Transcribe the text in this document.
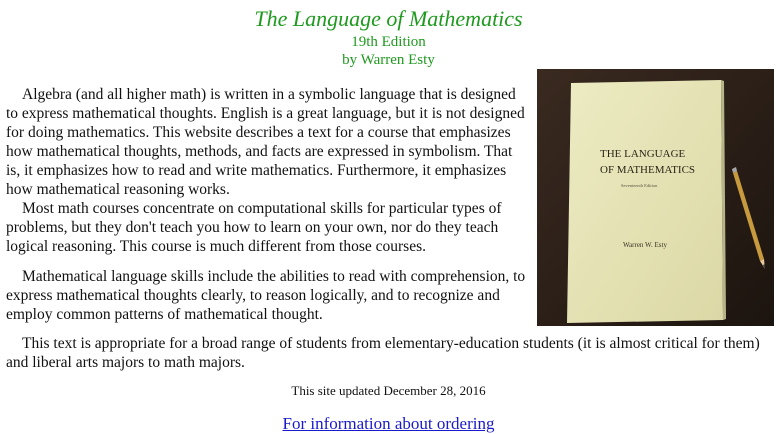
The Language of Mathematics
19th Edition
by Warren Esty
Algebra (and all higher math) is written in a symbolic language that is designed to express mathematical thoughts. English is a great language, but it is not designed for doing mathematics. This website describes a text for a course that emphasizes how mathematical thoughts, methods, and facts are expressed in symbolism. That is, it emphasizes how to read and write mathematics. Furthermore, it emphasizes how mathematical reasoning works.
Most math courses concentrate on computational skills for particular types of problems, but they don't teach you how to learn on your own, nor do they teach logical reasoning. This course is much different from those courses.
Mathematical language skills include the abilities to read with comprehension, to express mathematical thoughts clearly, to reason logically, and to recognize and employ common patterns of mathematical thought.
This text is appropriate for a broad range of students from elementary-education students (it is almost critical for them) and liberal arts majors to math majors.
THE LANGUAGE
OF MATHEMATICS
Seventeenth Edition
Warren W. Esty
This site updated December 28, 2016
For information about ordering
